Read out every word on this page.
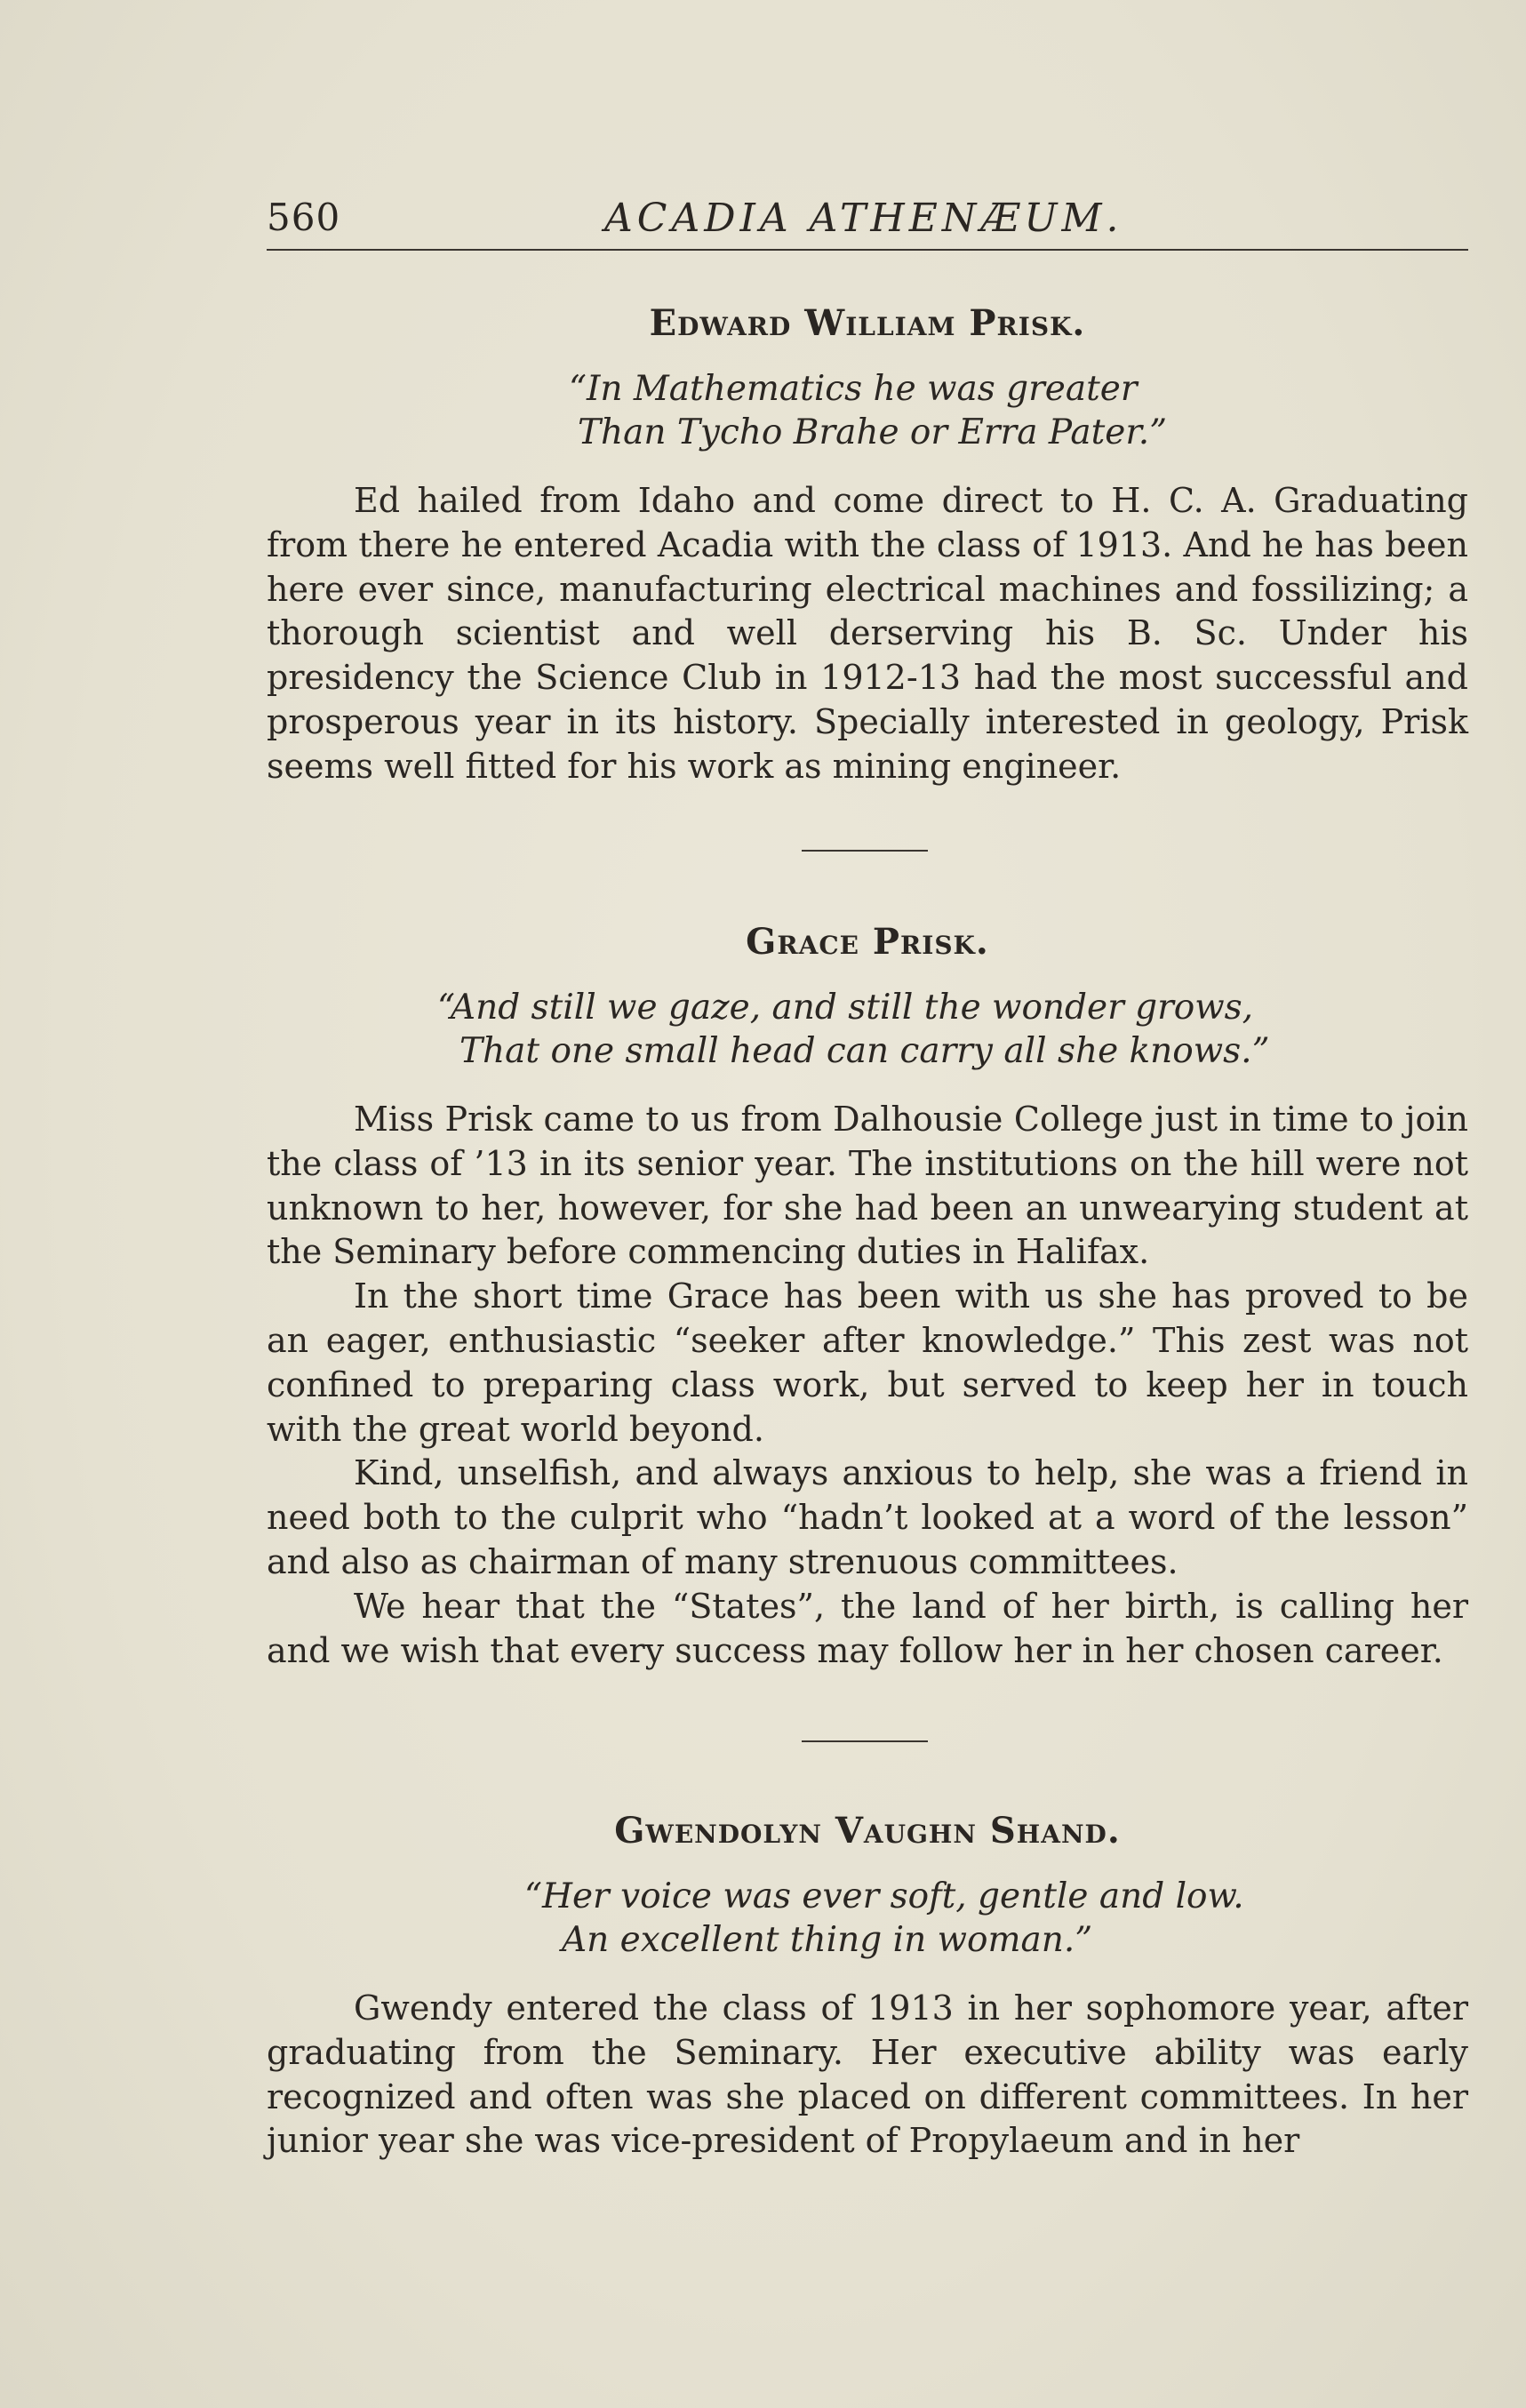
560	ACADIA ATHENÆUM.
Edward William Prisk.
“In Mathematics he was greater
Than Tycho Brahe or Erra Pater.”

Ed hailed from Idaho and come direct to H. C. A. Graduating from there he entered Acadia with the class of 1913. And he has been here ever since, manufacturing electrical machines and fossilizing; a thorough scientist and well derserving his B. Sc. Under his presidency the Science Club in 1912-13 had the most successful and prosperous year in its history. Specially interested in geology, Prisk seems well fitted for his work as mining engineer.

Grace Prisk.
“And still we gaze, and still the wonder grows,
That one small head can carry all she knows.”

Miss Prisk came to us from Dalhousie College just in time to join the class of ’13 in its senior year. The institutions on the hill were not unknown to her, however, for she had been an unwearying student at the Seminary before commencing duties in Halifax.

In the short time Grace has been with us she has proved to be an eager, enthusiastic “seeker after knowledge.” This zest was not confined to preparing class work, but served to keep her in touch with the great world beyond.

Kind, unselfish, and always anxious to help, she was a friend in need both to the culprit who “hadn’t looked at a word of the lesson” and also as chairman of many strenuous committees.

We hear that the “States”, the land of her birth, is calling her and we wish that every success may follow her in her chosen career.

Gwendolyn Vaughn Shand.
“Her voice was ever soft, gentle and low.
An excellent thing in woman.”

Gwendy entered the class of 1913 in her sophomore year, after graduating from the Seminary. Her executive ability was early recognized and often was she placed on different committees. In her junior year she was vice-president of Propylaeum and in her
